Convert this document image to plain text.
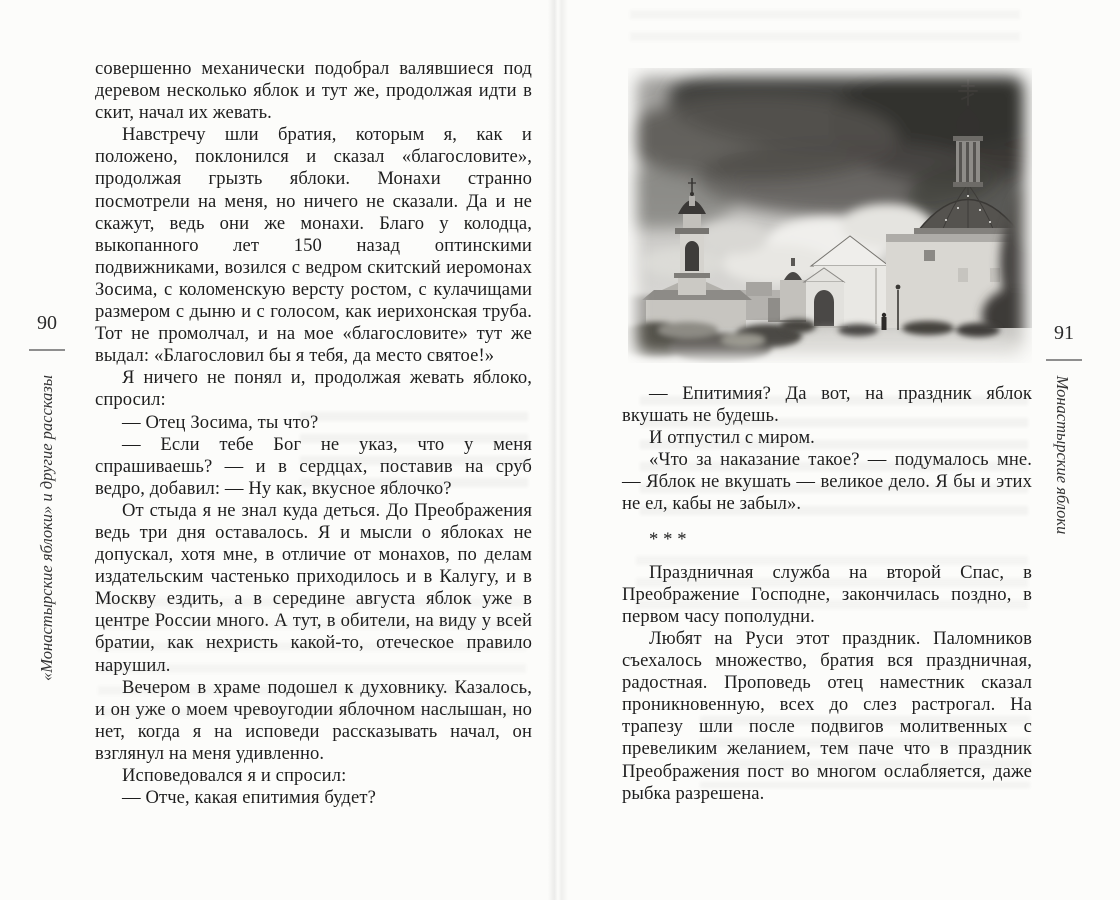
90
«Монастырские яблоки» и другие рассказы

совершенно механически подобрал валявшиеся под деревом несколько яблок и тут же, продолжая идти в скит, начал их жевать.

Навстречу шли братия, которым я, как и положено, поклонился и сказал «благословите», продолжая грызть яблоки. Монахи странно посмотрели на меня, но ничего не сказали. Да и не скажут, ведь они же монахи. Благо у колодца, выкопанного лет 150 назад оптинскими подвижниками, возился с ведром скитский иеромонах Зосима, с коломенскую версту ростом, с кулачищами размером с дыню и с голосом, как иерихонская труба. Тот не промолчал, и на мое «благословите» тут же выдал: «Благословил бы я тебя, да место святое!»

Я ничего не понял и, продолжая жевать яблоко, спросил:

— Отец Зосима, ты что?

— Если тебе Бог не указ, что у меня спрашиваешь? — и в сердцах, поставив на сруб ведро, добавил: — Ну как, вкусное яблочко?

От стыда я не знал куда деться. До Преображения ведь три дня оставалось. Я и мысли о яблоках не допускал, хотя мне, в отличие от монахов, по делам издательским частенько приходилось и в Калугу, и в Москву ездить, а в середине августа яблок уже в центре России много. А тут, в обители, на виду у всей братии, как нехристь какой-то, отеческое правило нарушил.

Вечером в храме подошел к духовнику. Казалось, и он уже о моем чревоугодии яблочном наслышан, но нет, когда я на исповеди рассказывать начал, он взглянул на меня удивленно.

Исповедовался я и спросил:

— Отче, какая епитимия будет?

— Епитимия? Да вот, на праздник яблок вкушать не будешь.

И отпустил с миром.

«Что за наказание такое? — подумалось мне. — Яблок не вкушать — великое дело. Я бы и этих не ел, кабы не забыл».

* * *

Праздничная служба на второй Спас, в Преображение Господне, закончилась поздно, в первом часу пополудни.

Любят на Руси этот праздник. Паломников съехалось множество, братия вся праздничная, радостная. Проповедь отец наместник сказал проникновенную, всех до слез растрогал. На трапезу шли после подвигов молитвенных с превеликим желанием, тем паче что в праздник Преображения пост во многом ослабляется, даже рыбка разрешена.

91
Монастырские яблоки
